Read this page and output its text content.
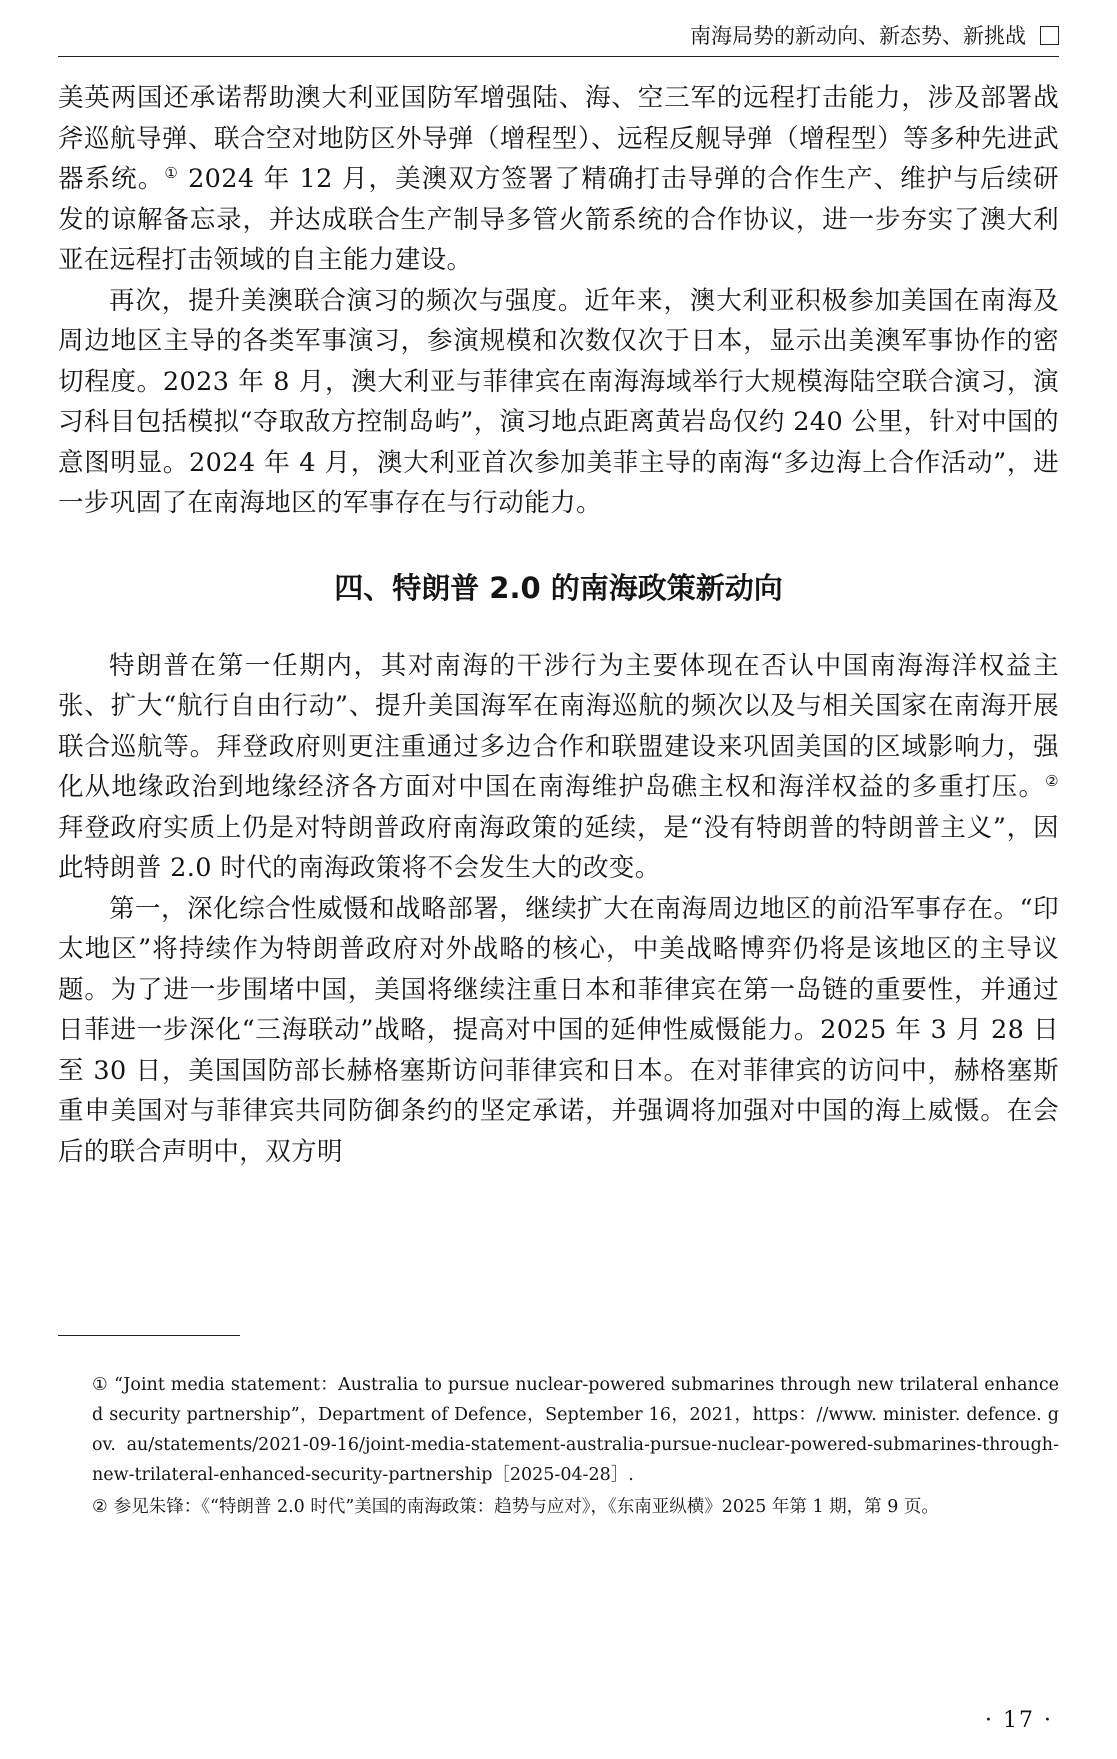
南海局势的新动向、新态势、新挑战

美英两国还承诺帮助澳大利亚国防军增强陆、海、空三军的远程打击能力，涉及部署战斧巡航导弹、联合空对地防区外导弹（增程型）、远程反舰导弹（增程型）等多种先进武器系统。① 2024 年 12 月，美澳双方签署了精确打击导弹的合作生产、维护与后续研发的谅解备忘录，并达成联合生产制导多管火箭系统的合作协议，进一步夯实了澳大利亚在远程打击领域的自主能力建设。

再次，提升美澳联合演习的频次与强度。近年来，澳大利亚积极参加美国在南海及周边地区主导的各类军事演习，参演规模和次数仅次于日本，显示出美澳军事协作的密切程度。2023 年 8 月，澳大利亚与菲律宾在南海海域举行大规模海陆空联合演习，演习科目包括模拟“夺取敌方控制岛屿”，演习地点距离黄岩岛仅约 240 公里，针对中国的意图明显。2024 年 4 月，澳大利亚首次参加美菲主导的南海“多边海上合作活动”，进一步巩固了在南海地区的军事存在与行动能力。

四、特朗普 2.0 的南海政策新动向

特朗普在第一任期内，其对南海的干涉行为主要体现在否认中国南海海洋权益主张、扩大“航行自由行动”、提升美国海军在南海巡航的频次以及与相关国家在南海开展联合巡航等。拜登政府则更注重通过多边合作和联盟建设来巩固美国的区域影响力，强化从地缘政治到地缘经济各方面对中国在南海维护岛礁主权和海洋权益的多重打压。② 拜登政府实质上仍是对特朗普政府南海政策的延续，是“没有特朗普的特朗普主义”，因此特朗普 2.0 时代的南海政策将不会发生大的改变。

第一，深化综合性威慑和战略部署，继续扩大在南海周边地区的前沿军事存在。“印太地区”将持续作为特朗普政府对外战略的核心，中美战略博弈仍将是该地区的主导议题。为了进一步围堵中国，美国将继续注重日本和菲律宾在第一岛链的重要性，并通过日菲进一步深化“三海联动”战略，提高对中国的延伸性威慑能力。2025 年 3 月 28 日至 30 日，美国国防部长赫格塞斯访问菲律宾和日本。在对菲律宾的访问中，赫格塞斯重申美国对与菲律宾共同防御条约的坚定承诺，并强调将加强对中国的海上威慑。在会后的联合声明中，双方明

① “Joint media statement：Australia to pursue nuclear-powered submarines through new trilateral enhanced security partnership”，Department of Defence，September 16，2021，https：//www. minister. defence. gov. au/statements/2021-09-16/joint-media-statement-australia-pursue-nuclear-powered-submarines-through-new-trilateral-enhanced-security-partnership［2025-04-28］.

② 参见朱锋：《“特朗普 2.0 时代”美国的南海政策：趋势与应对》，《东南亚纵横》2025 年第 1 期，第 9 页。

· 17 ·
